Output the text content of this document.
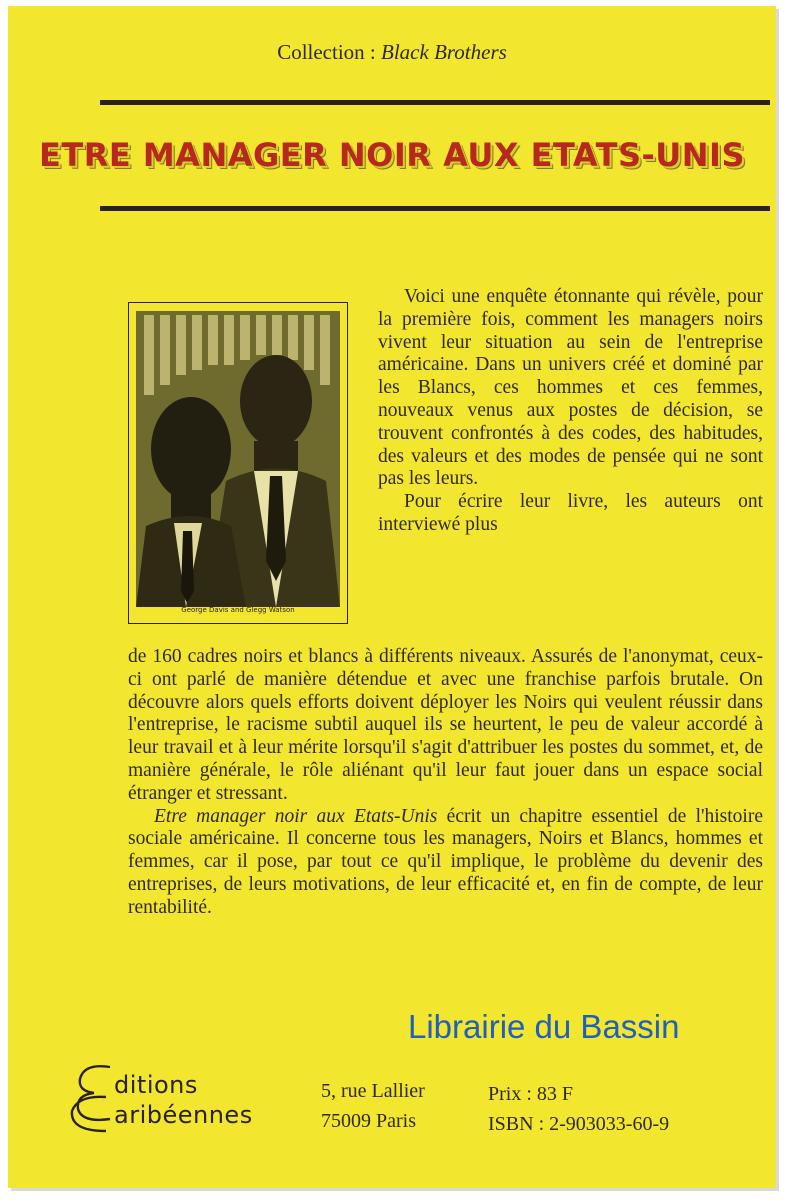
Collection : Black Brothers
ETRE MANAGER NOIR AUX ETATS-UNIS
George Davis and Glegg Watson

Voici une enquête étonnante qui révèle, pour la première fois, comment les managers noirs vivent leur situation au sein de l'entreprise américaine. Dans un univers créé et dominé par les Blancs, ces hommes et ces femmes, nouveaux venus aux postes de décision, se trouvent confrontés à des codes, des habitudes, des valeurs et des modes de pensée qui ne sont pas les leurs.

Pour écrire leur livre, les auteurs ont interviewé plus

de 160 cadres noirs et blancs à différents niveaux. Assurés de l'anonymat, ceux-ci ont parlé de manière détendue et avec une franchise parfois brutale. On découvre alors quels efforts doivent déployer les Noirs qui veulent réussir dans l'entreprise, le racisme subtil auquel ils se heurtent, le peu de valeur accordé à leur travail et à leur mérite lorsqu'il s'agit d'attribuer les postes du sommet, et, de manière générale, le rôle aliénant qu'il leur faut jouer dans un espace social étranger et stressant.

Etre manager noir aux Etats-Unis écrit un chapitre essentiel de l'histoire sociale américaine. Il concerne tous les managers, Noirs et Blancs, hommes et femmes, car il pose, par tout ce qu'il implique, le problème du devenir des entreprises, de leurs motivations, de leur efficacité et, en fin de compte, de leur rentabilité.

Librairie du Bassin
ditions
aribéennes
5, rue Lallier
75009 Paris
Prix : 83 F
ISBN : 2-903033-60-9
